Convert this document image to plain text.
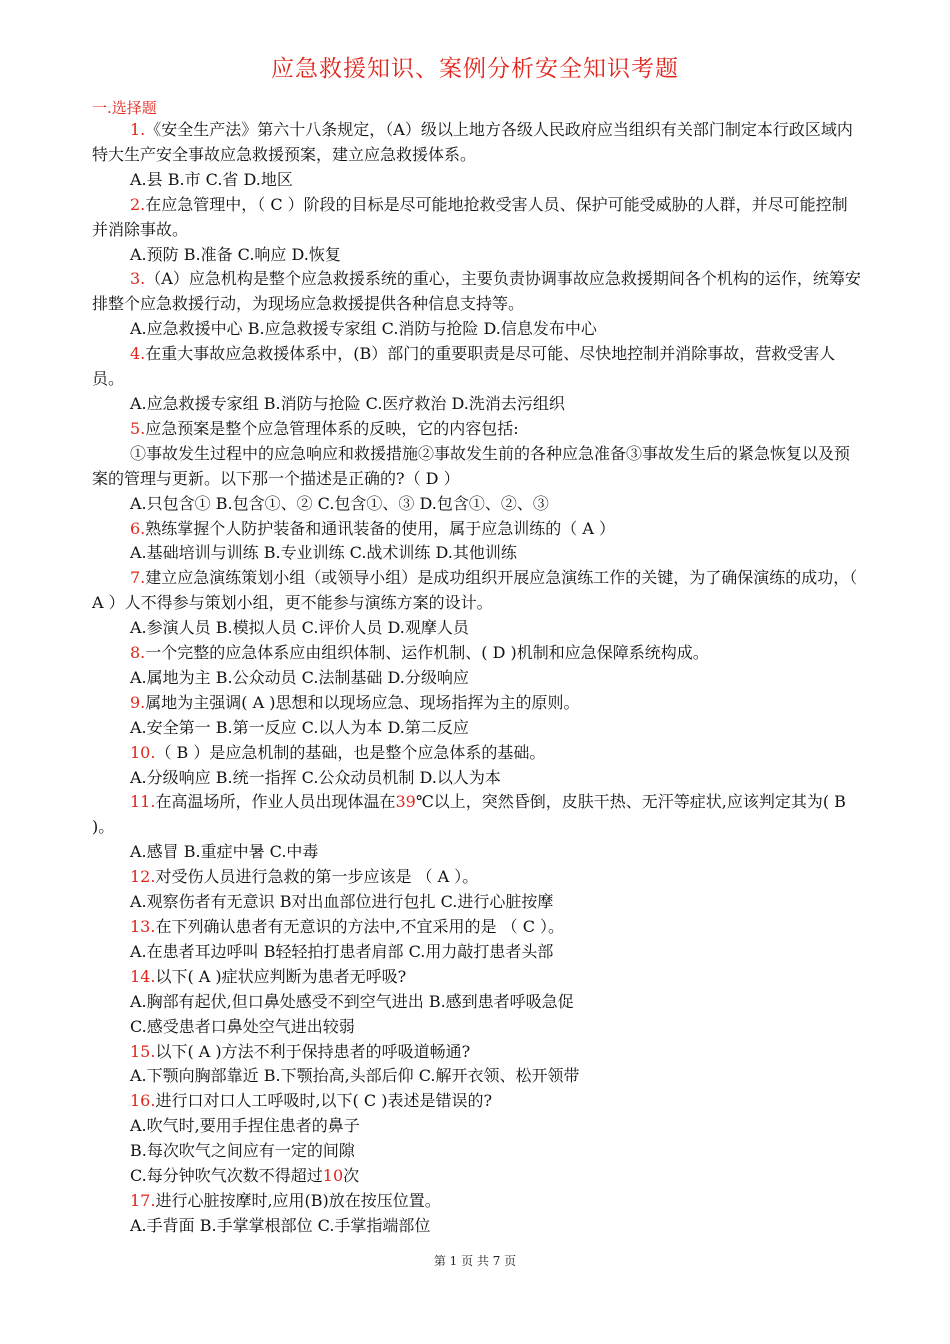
应急救援知识、案例分析安全知识考题
一.选择题

1.《安全生产法》第六十八条规定，（A）级以上地方各级人民政府应当组织有关部门制定本行政区域内特大生产安全事故应急救援预案，建立应急救援体系。

A.县 B.市 C.省 D.地区

2.在应急管理中，（ C ）阶段的目标是尽可能地抢救受害人员、保护可能受威胁的人群，并尽可能控制并消除事故。

A.预防 B.准备 C.响应 D.恢复

3.（A）应急机构是整个应急救援系统的重心，主要负责协调事故应急救援期间各个机构的运作，统筹安排整个应急救援行动，为现场应急救援提供各种信息支持等。

A.应急救援中心 B.应急救援专家组 C.消防与抢险 D.信息发布中心

4.在重大事故应急救援体系中，(B）部门的重要职责是尽可能、尽快地控制并消除事故，营救受害人员。

A.应急救援专家组 B.消防与抢险 C.医疗救治 D.洗消去污组织

5.应急预案是整个应急管理体系的反映，它的内容包括:

①事故发生过程中的应急响应和救援措施②事故发生前的各种应急准备③事故发生后的紧急恢复以及预案的管理与更新。以下那一个描述是正确的?（ D ）

A.只包含① B.包含①、② C.包含①、③ D.包含①、②、③

6.熟练掌握个人防护装备和通讯装备的使用，属于应急训练的（ A ）

A.基础培训与训练 B.专业训练 C.战术训练 D.其他训练

7.建立应急演练策划小组（或领导小组）是成功组织开展应急演练工作的关键，为了确保演练的成功，（ A ）人不得参与策划小组，更不能参与演练方案的设计。

A.参演人员 B.模拟人员 C.评价人员 D.观摩人员

8.一个完整的应急体系应由组织体制、运作机制、( D )机制和应急保障系统构成。

A.属地为主 B.公众动员 C.法制基础 D.分级响应

9.属地为主强调( A )思想和以现场应急、现场指挥为主的原则。

A.安全第一 B.第一反应 C.以人为本 D.第二反应

10.（ B ）是应急机制的基础，也是整个应急体系的基础。

A.分级响应 B.统一指挥 C.公众动员机制 D.以人为本

11.在高温场所，作业人员出现体温在39℃以上，突然昏倒，皮肤干热、无汗等症状,应该判定其为( B )。

A.感冒 B.重症中暑 C.中毒

12.对受伤人员进行急救的第一步应该是 （ A ）。

A.观察伤者有无意识 B对出血部位进行包扎 C.进行心脏按摩

13.在下列确认患者有无意识的方法中,不宜采用的是 （ C ）。

A.在患者耳边呼叫 B轻轻拍打患者肩部 C.用力敲打患者头部

14.以下( A )症状应判断为患者无呼吸?

A.胸部有起伏,但口鼻处感受不到空气进出 B.感到患者呼吸急促

C.感受患者口鼻处空气进出较弱

15.以下( A )方法不利于保持患者的呼吸道畅通?

A.下颚向胸部靠近 B.下颚抬高,头部后仰 C.解开衣领、松开领带

16.进行口对口人工呼吸时,以下( C )表述是错误的?

A.吹气时,要用手捏住患者的鼻子

B.每次吹气之间应有一定的间隙

C.每分钟吹气次数不得超过10次

17.进行心脏按摩时,应用(B)放在按压位置。

A.手背面 B.手掌掌根部位 C.手掌指端部位

第 1 页 共 7 页
